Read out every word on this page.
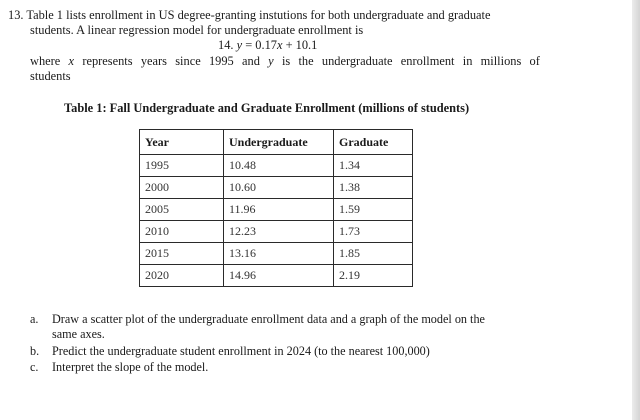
13. Table 1 lists enrollment in US degree-granting instutions for both undergraduate and graduate
students. A linear regression model for undergraduate enrollment is
14. y = 0.17x + 10.1
where x represents years since 1995 and y is the undergraduate enrollment in millions of
students
Table 1: Fall Undergraduate and Graduate Enrollment (millions of students)
Year	Undergraduate	Graduate
1995	10.48	1.34
2000	10.60	1.38
2005	11.96	1.59
2010	12.23	1.73
2015	13.16	1.85
2020	14.96	2.19
a. Draw a scatter plot of the undergraduate enrollment data and a graph of the model on the
same axes.
b. Predict the undergraduate student enrollment in 2024 (to the nearest 100,000)
c. Interpret the slope of the model.
